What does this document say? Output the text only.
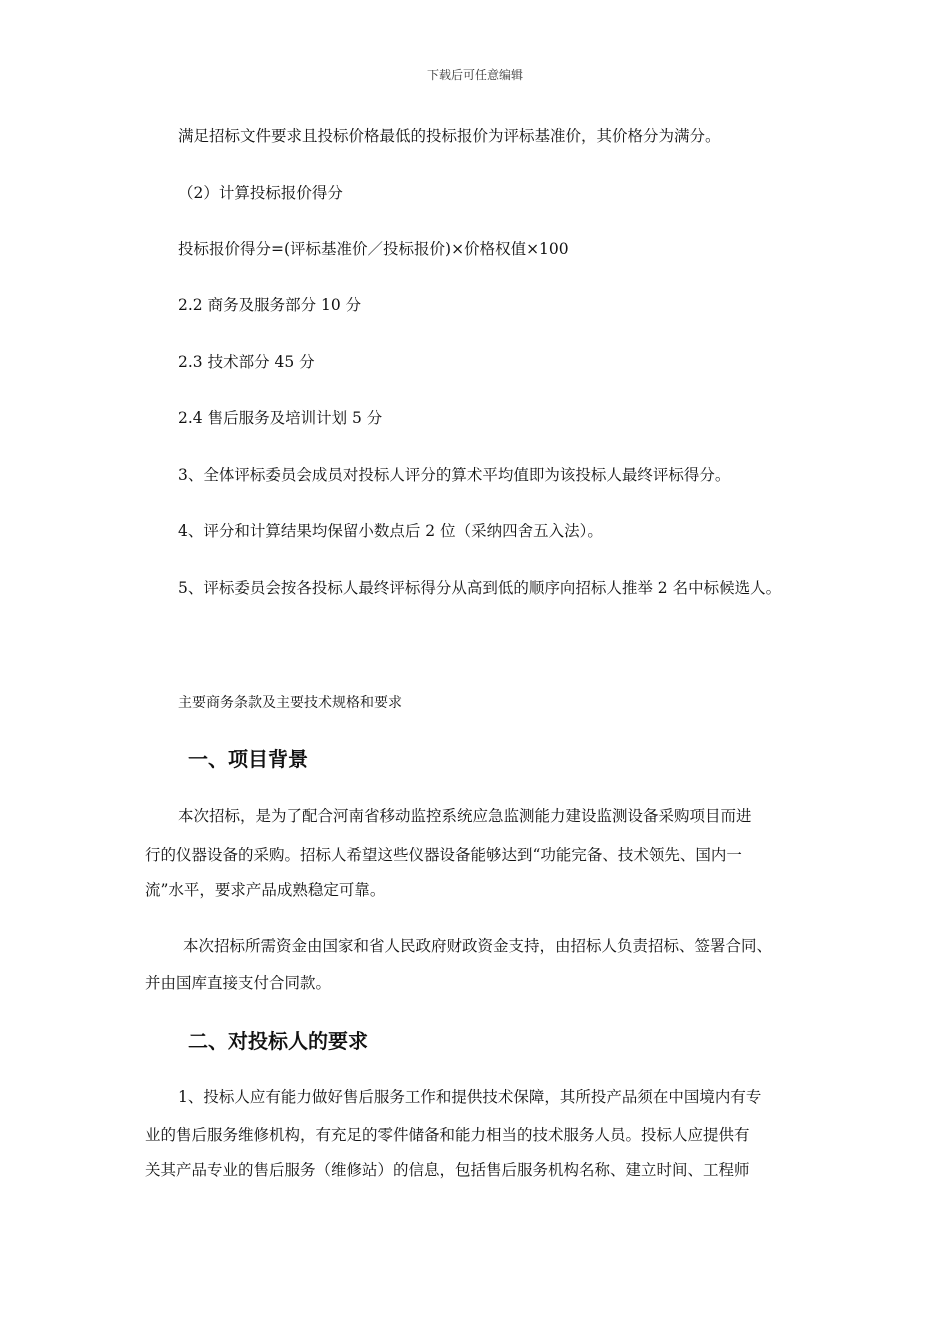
下载后可任意编辑
满足招标文件要求且投标价格最低的投标报价为评标基准价，其价格分为满分。
（2）计算投标报价得分
投标报价得分=(评标基准价／投标报价)×价格权值×100
2.2 商务及服务部分 10 分
2.3 技术部分 45 分
2.4 售后服务及培训计划 5 分
3、全体评标委员会成员对投标人评分的算术平均值即为该投标人最终评标得分。
4、评分和计算结果均保留小数点后 2 位（采纳四舍五入法）。
5、评标委员会按各投标人最终评标得分从高到低的顺序向招标人推举 2 名中标候选人。
主要商务条款及主要技术规格和要求
一、项目背景
本次招标，是为了配合河南省移动监控系统应急监测能力建设监测设备采购项目而进
行的仪器设备的采购。招标人希望这些仪器设备能够达到“功能完备、技术领先、国内一
流”水平，要求产品成熟稳定可靠。
本次招标所需资金由国家和省人民政府财政资金支持，由招标人负责招标、签署合同、
并由国库直接支付合同款。
二、对投标人的要求
1、投标人应有能力做好售后服务工作和提供技术保障，其所投产品须在中国境内有专
业的售后服务维修机构，有充足的零件储备和能力相当的技术服务人员。投标人应提供有
关其产品专业的售后服务（维修站）的信息，包括售后服务机构名称、建立时间、工程师
